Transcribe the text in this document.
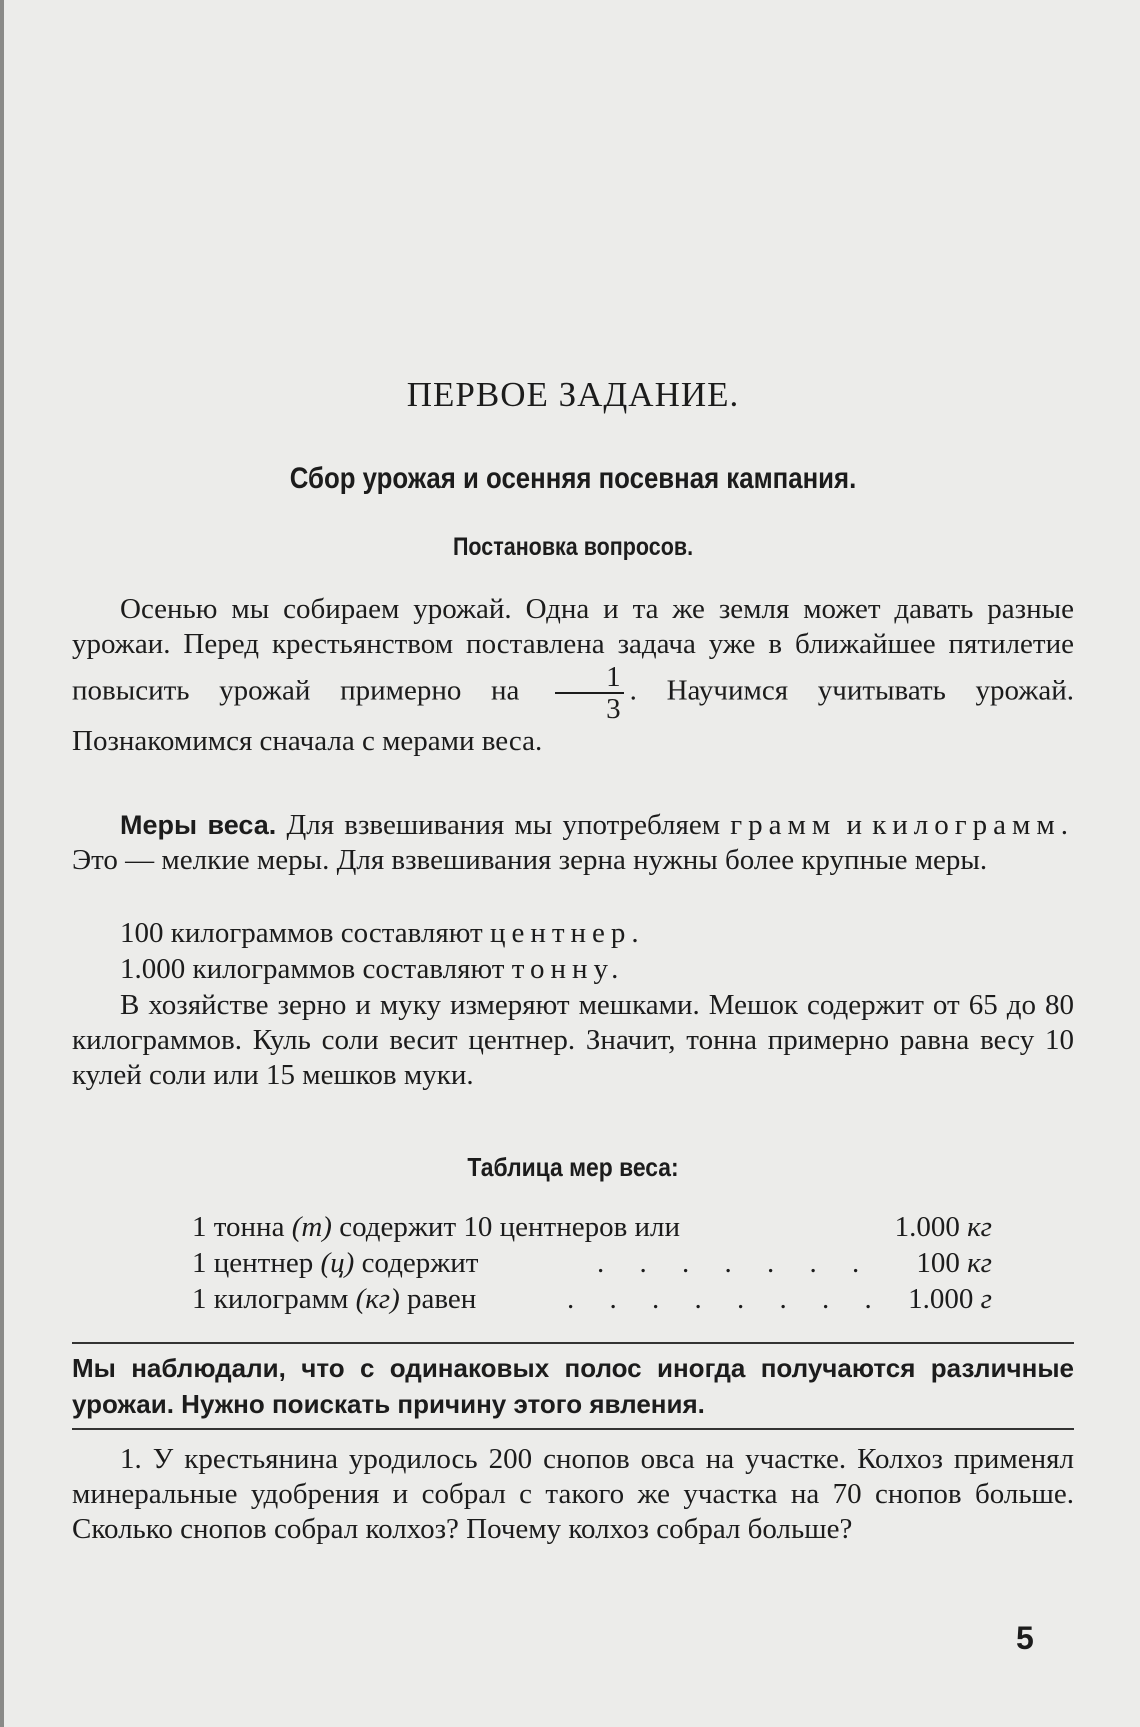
ПЕРВОЕ ЗАДАНИЕ.
Сбор урожая и осенняя посевная кампания.
Постановка вопросов.
Осенью мы собираем урожай. Одна и та же земля может давать разные урожаи. Перед крестьянством поставлена задача уже в ближайшее пятилетие повысить урожай примерно на $\frac{1}{3}$ . Научимся учитывать урожай. Познакомимся сначала с мерами веса.
Меры веса. Для взвешивания мы употребляем грамм и килограмм. Это — мелкие меры. Для взвешивания зерна нужны более крупные меры.
100 килограммов составляют центнер.
1.000 килограммов составляют тонну.
В хозяйстве зерно и муку измеряют мешками. Мешок содержит от 65 до 80 килограммов. Куль соли весит центнер. Значит, тонна примерно равна весу 10 кулей соли или 15 мешков муки.
Таблица мер веса:
1 тонна (т) содержит 10 центнеров или	1.000 кг
1 центнер (ц) содержит	. . . . . . . 100 кг
1 килограмм (кг) равен	. . . . . . . . 1.000 г
Мы наблюдали, что с одинаковых полос иногда получаются различные урожаи. Нужно поискать причину этого явления.
1. У крестьянина уродилось 200 снопов овса на участке. Колхоз применял минеральные удобрения и собрал с такого же участка на 70 снопов больше. Сколько снопов собрал колхоз? Почему колхоз собрал больше?
5
